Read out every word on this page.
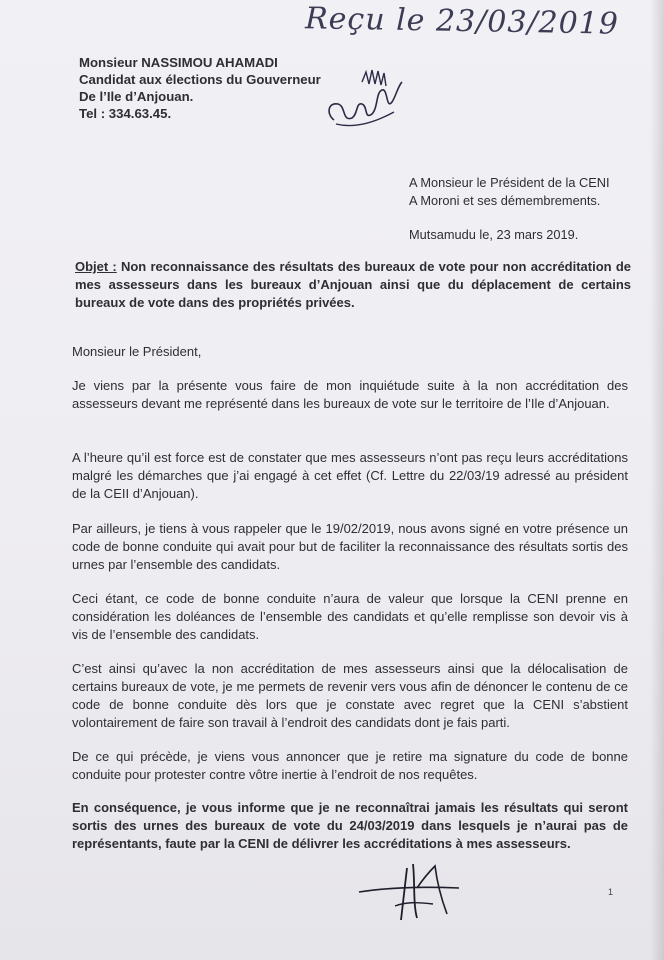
Reçu le 23/03/2019
Monsieur NASSIMOU AHAMADI
Candidat aux élections du Gouverneur
De l’Ile d’Anjouan.
Tel : 334.63.45.
A Monsieur le Président de la CENI
A Moroni et ses démembrements.
Mutsamudu le, 23 mars 2019.
Objet : Non reconnaissance des résultats des bureaux de vote pour non accréditation de mes assesseurs dans les bureaux d’Anjouan ainsi que du déplacement de certains bureaux de vote dans des propriétés privées.
Monsieur le Président,
Je viens par la présente vous faire de mon inquiétude suite à la non accréditation des assesseurs devant me représenté dans les bureaux de vote sur le territoire de l’Ile d’Anjouan.
A l’heure qu’il est force est de constater que mes assesseurs n’ont pas reçu leurs accréditations malgré les démarches que j’ai engagé à cet effet (Cf. Lettre du 22/03/19 adressé au président de la CEII d’Anjouan).
Par ailleurs, je tiens à vous rappeler que le 19/02/2019, nous avons signé en votre présence un code de bonne conduite qui avait pour but de faciliter la reconnaissance des résultats sortis des urnes par l’ensemble des candidats.
Ceci étant, ce code de bonne conduite n’aura de valeur que lorsque la CENI prenne en considération les doléances de l’ensemble des candidats et qu’elle remplisse son devoir vis à vis de l’ensemble des candidats.
C’est ainsi qu’avec la non accréditation de mes assesseurs ainsi que la délocalisation de certains bureaux de vote, je me permets de revenir vers vous afin de dénoncer le contenu de ce code de bonne conduite dès lors que je constate avec regret que la CENI s’abstient volontairement de faire son travail à l’endroit des candidats dont je fais parti.
De ce qui précède, je viens vous annoncer que je retire ma signature du code de bonne conduite pour protester contre vôtre inertie à l’endroit de nos requêtes.
En conséquence, je vous informe que je ne reconnaîtrai jamais les résultats qui seront sortis des urnes des bureaux de vote du 24/03/2019 dans lesquels je n’aurai pas de représentants, faute par la CENI de délivrer les accréditations à mes assesseurs.
1
